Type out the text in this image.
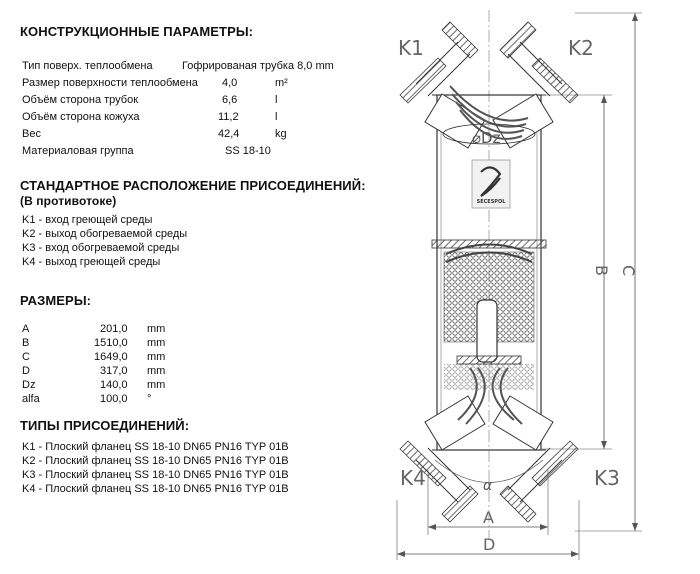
КОНСТРУКЦИОННЫЕ ПАРАМЕТРЫ:
Тип поверх. теплообмена	Гофрированая трубка 8,0 mm
Размер поверхности теплообмена 4,0	m²
Объём сторона трубок	6,6	l
Объём сторона кожуха	11,2	l
Вес	42,4	kg
Материаловая группа	SS 18-10
СТАНДАРТНОЕ РАСПОЛОЖЕНИЕ ПРИСОЕДИНЕНИЙ:
(В противотоке)
K1 - вход греющей среды
K2 - выход обогреваемой среды
K3 - вход обогреваемой среды
K4 - выход греющей среды
РАЗМЕРЫ:
A	201,0 mm
B	1510,0 mm
C	1649,0 mm
D	317,0 mm
Dz	140,0 mm
alfa	100,0 °
ТИПЫ ПРИСОЕДИНЕНИЙ:
K1 - Плоский фланец SS 18-10 DN65 PN16 TYP 01B
K2 - Плоский фланец SS 18-10 DN65 PN16 TYP 01B
K3 - Плоский фланец SS 18-10 DN65 PN16 TYP 01B
K4 - Плоский фланец SS 18-10 DN65 PN16 TYP 01B
SECESPOL
K1	K2
K4	K3
⌀Dz
α
B C
A
D
